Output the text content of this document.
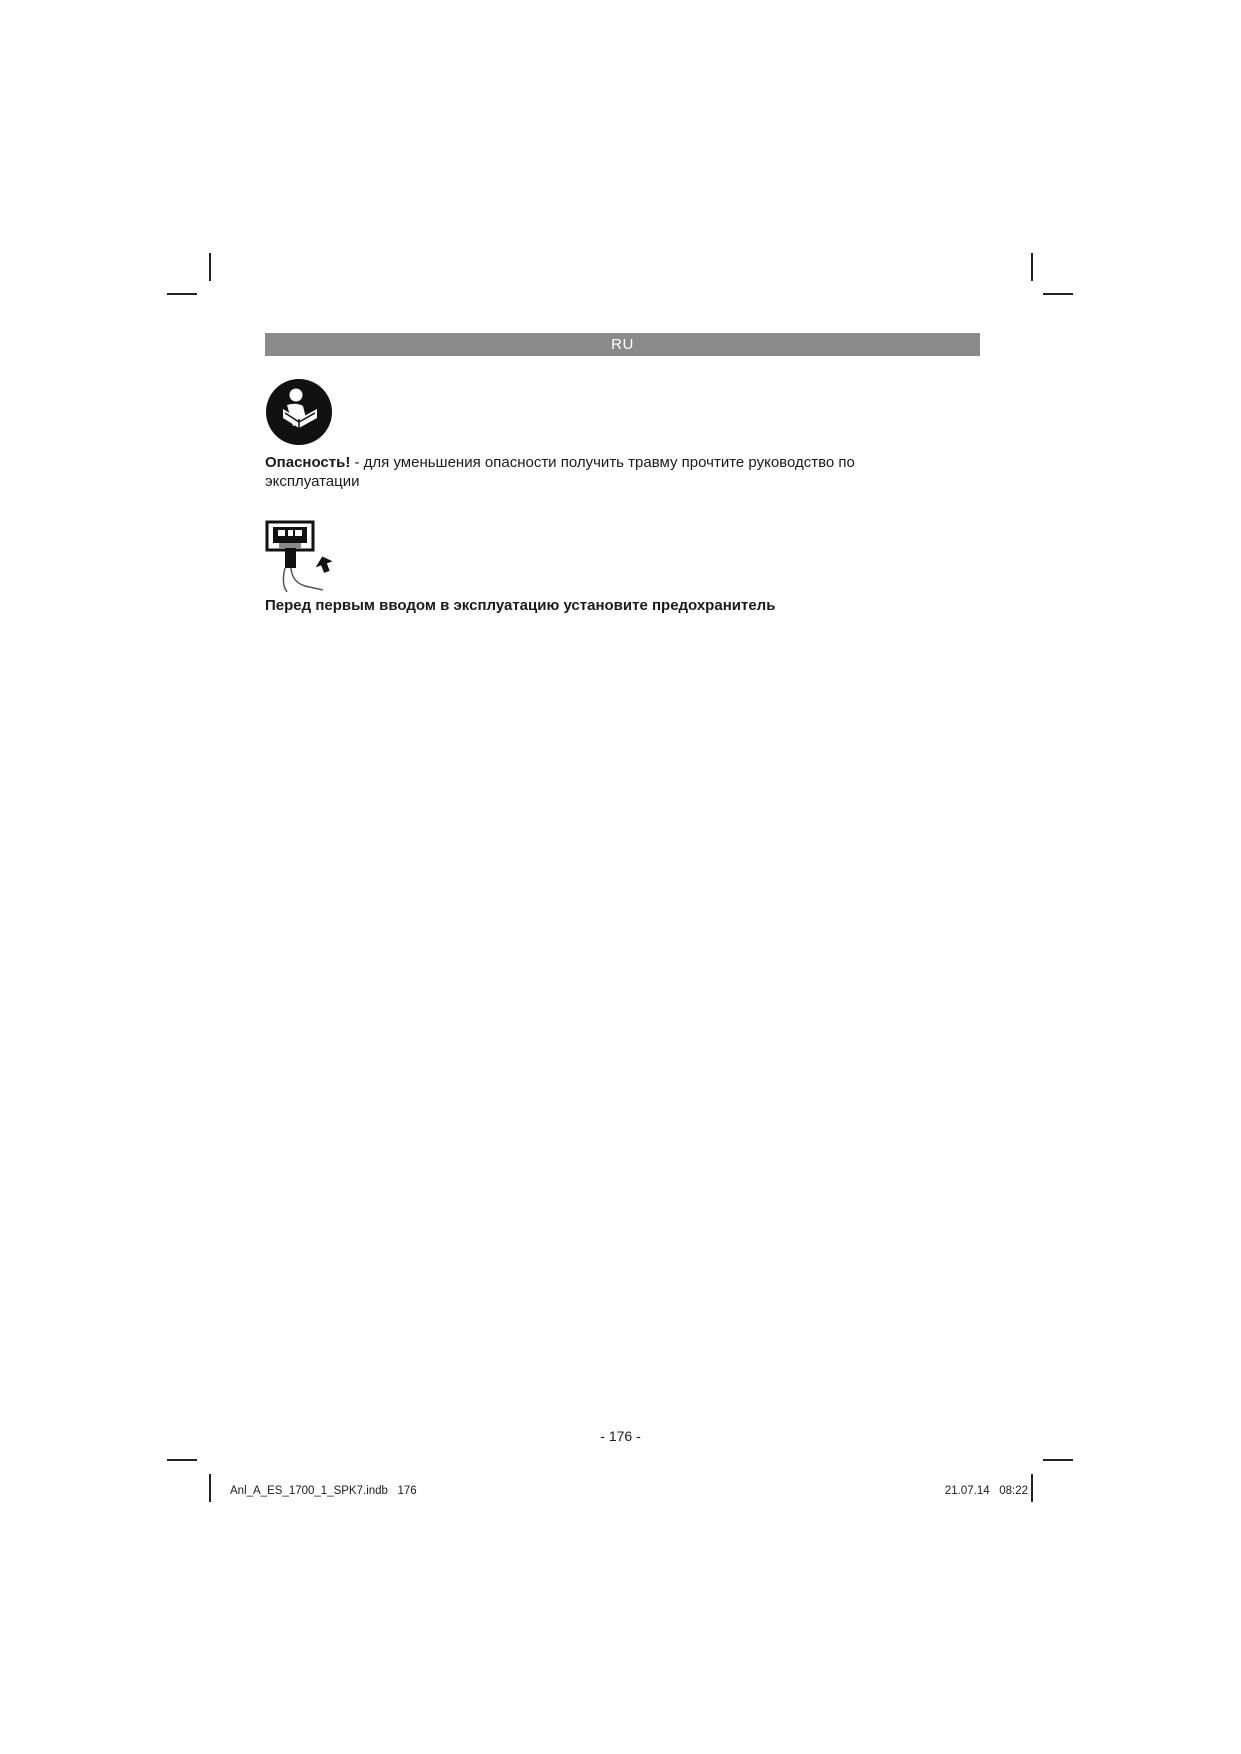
RU
Опасность! - для уменьшения опасности получить травму прочтите руководство по эксплуатации
Перед первым вводом в эксплуатацию установите предохранитель
- 176 -
Anl_A_ES_1700_1_SPK7.indb   176	21.07.14   08:22
